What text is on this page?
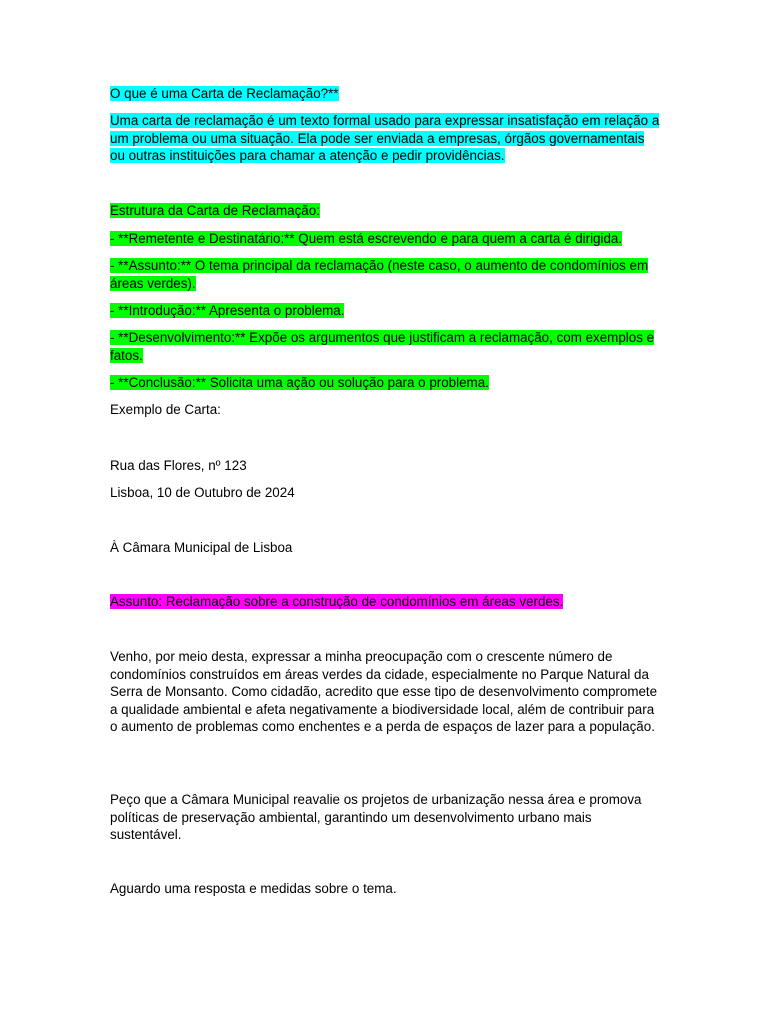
O que é uma Carta de Reclamação?**

Uma carta de reclamação é um texto formal usado para expressar insatisfação em relação a um problema ou uma situação. Ela pode ser enviada a empresas, órgãos governamentais ou outras instituições para chamar a atenção e pedir providências.

Estrutura da Carta de Reclamação:

- **Remetente e Destinatário:** Quem está escrevendo e para quem a carta é dirigida.

- **Assunto:** O tema principal da reclamação (neste caso, o aumento de condomínios em áreas verdes).

- **Introdução:** Apresenta o problema.

- **Desenvolvimento:** Expõe os argumentos que justificam a reclamação, com exemplos e fatos.

- **Conclusão:** Solicita uma ação ou solução para o problema.

Exemplo de Carta:

Rua das Flores, nº 123

Lisboa, 10 de Outubro de 2024

À Câmara Municipal de Lisboa

Assunto: Reclamação sobre a construção de condomínios em áreas verdes.

Venho, por meio desta, expressar a minha preocupação com o crescente número de condomínios construídos em áreas verdes da cidade, especialmente no Parque Natural da Serra de Monsanto. Como cidadão, acredito que esse tipo de desenvolvimento compromete a qualidade ambiental e afeta negativamente a biodiversidade local, além de contribuir para o aumento de problemas como enchentes e a perda de espaços de lazer para a população.

Peço que a Câmara Municipal reavalie os projetos de urbanização nessa área e promova políticas de preservação ambiental, garantindo um desenvolvimento urbano mais sustentável.

Aguardo uma resposta e medidas sobre o tema.
